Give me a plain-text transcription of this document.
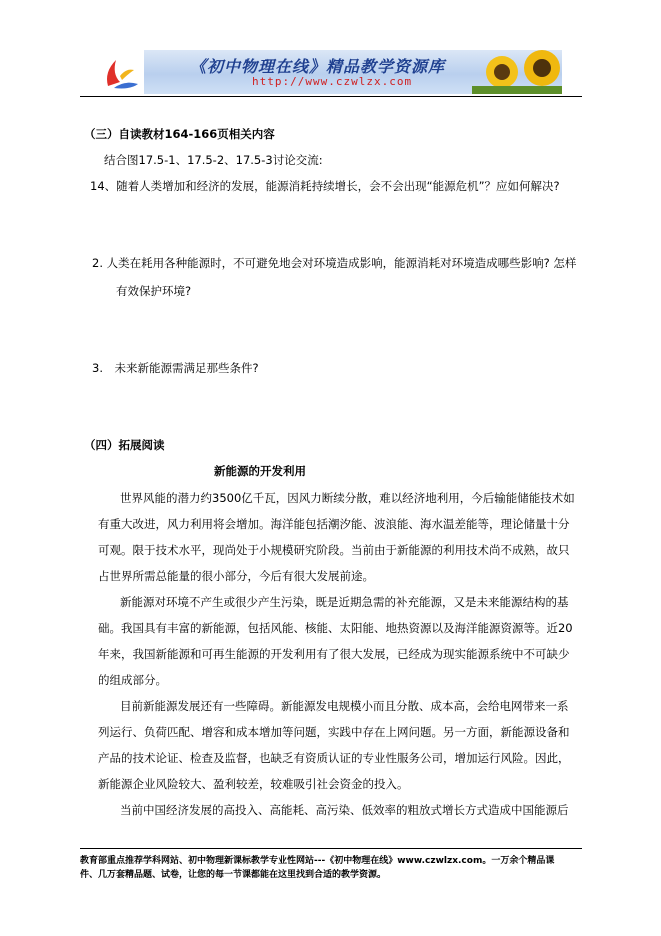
《初中物理在线》精品教学资源库
http://www.czwlzx.com
（三）自读教材164-166页相关内容
结合图17.5-1、17.5-2、17.5-3讨论交流:
14、随着人类增加和经济的发展，能源消耗持续增长，会不会出现“能源危机”？应如何解决?
2. 人类在耗用各种能源时，不可避免地会对环境造成影响，能源消耗对环境造成哪些影响? 怎样
有效保护环境?
3.　未来新能源需满足那些条件?
（四）拓展阅读
新能源的开发利用
世界风能的潜力约3500亿千瓦，因风力断续分散，难以经济地利用，今后输能储能技术如
有重大改进，风力利用将会增加。海洋能包括潮汐能、波浪能、海水温差能等，理论储量十分
可观。限于技术水平，现尚处于小规模研究阶段。当前由于新能源的利用技术尚不成熟，故只
占世界所需总能量的很小部分，今后有很大发展前途。
新能源对环境不产生或很少产生污染，既是近期急需的补充能源，又是未来能源结构的基
础。我国具有丰富的新能源，包括风能、核能、太阳能、地热资源以及海洋能源资源等。近20
年来，我国新能源和可再生能源的开发利用有了很大发展，已经成为现实能源系统中不可缺少
的组成部分。
目前新能源发展还有一些障碍。新能源发电规模小而且分散、成本高，会给电网带来一系
列运行、负荷匹配、增容和成本增加等问题，实践中存在上网问题。另一方面，新能源设备和
产品的技术论证、检查及监督，也缺乏有资质认证的专业性服务公司，增加运行风险。因此，
新能源企业风险较大、盈利较差，较难吸引社会资金的投入。
当前中国经济发展的高投入、高能耗、高污染、低效率的粗放式增长方式造成中国能源后
教育部重点推荐学科网站、初中物理新课标教学专业性网站---《初中物理在线》www.czwlzx.com。一万余个精品课
件、几万套精品题、试卷，让您的每一节课都能在这里找到合适的教学资源。
